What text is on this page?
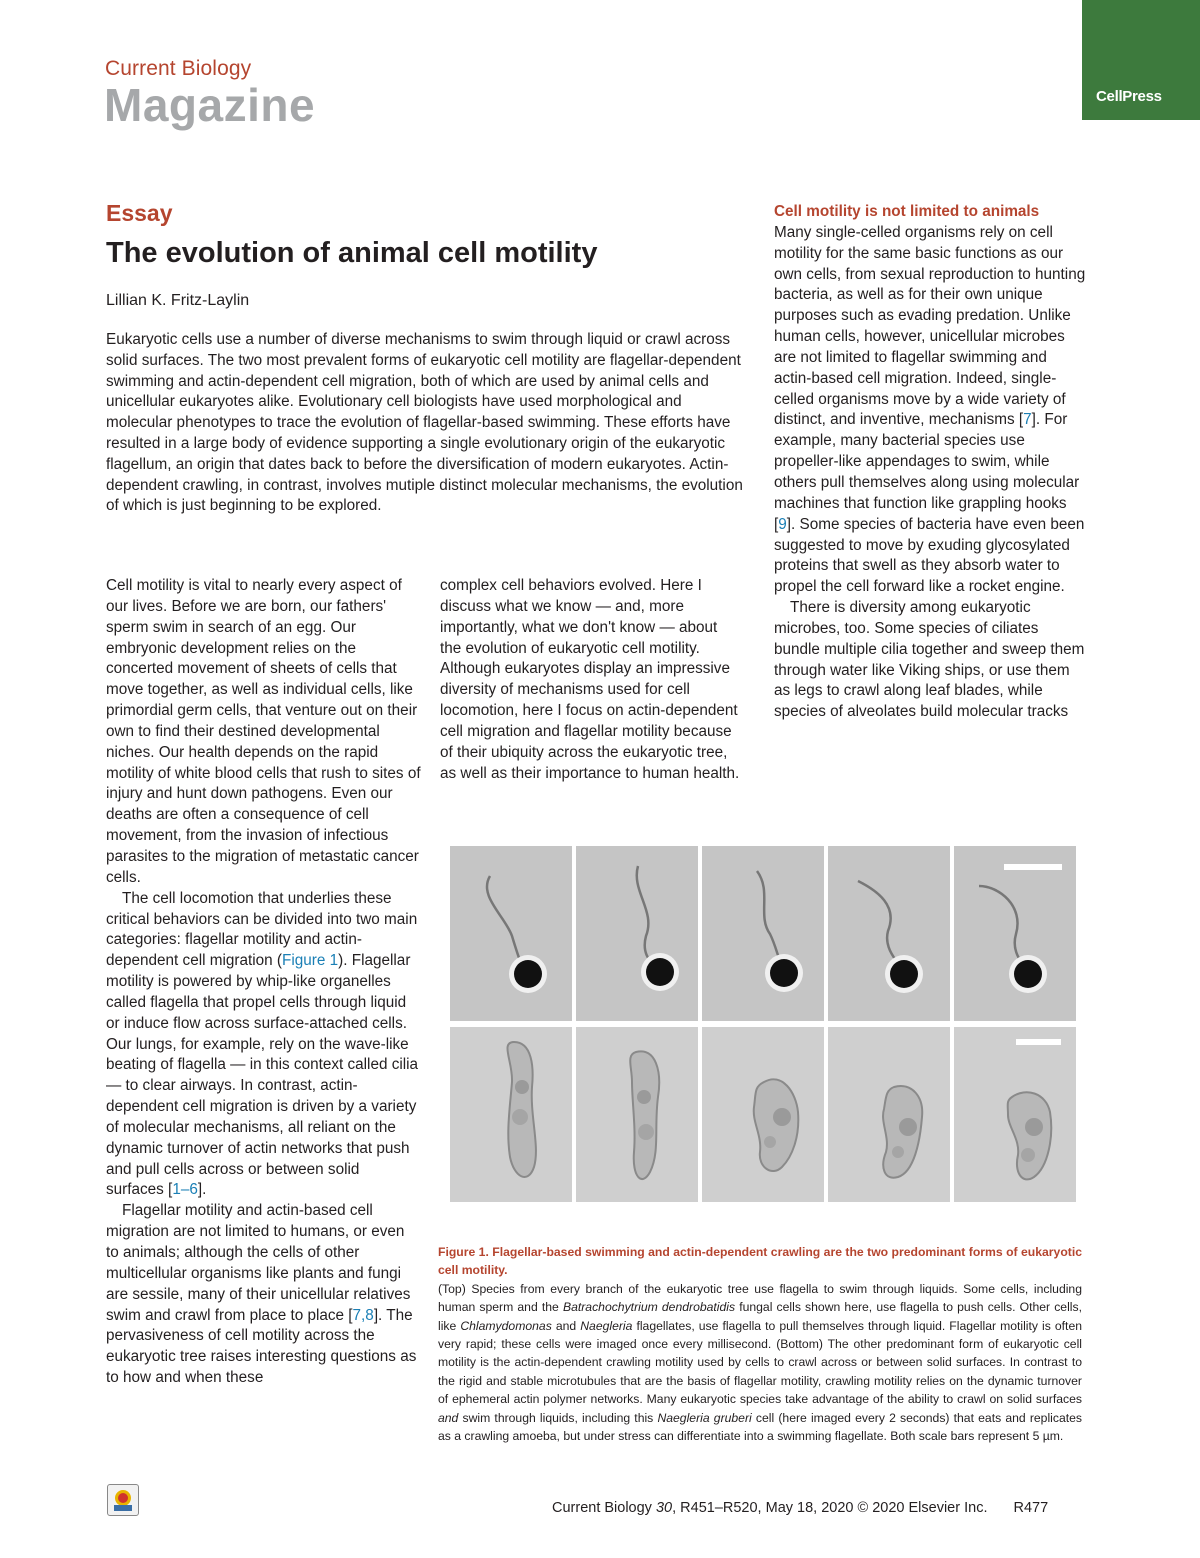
Current Biology
Magazine	CellPress
Essay
The evolution of animal cell motility
Lillian K. Fritz-Laylin
Eukaryotic cells use a number of diverse mechanisms to swim through liquid or crawl across solid surfaces. The two most prevalent forms of eukaryotic cell motility are flagellar-dependent swimming and actin-dependent cell migration, both of which are used by animal cells and unicellular eukaryotes alike. Evolutionary cell biologists have used morphological and molecular phenotypes to trace the evolution of flagellar-based swimming. These efforts have resulted in a large body of evidence supporting a single evolutionary origin of the eukaryotic flagellum, an origin that dates back to before the diversification of modern eukaryotes. Actin-dependent crawling, in contrast, involves mutiple distinct molecular mechanisms, the evolution of which is just beginning to be explored.

Cell motility is vital to nearly every aspect of our lives. Before we are born, our fathers' sperm swim in search of an egg. Our embryonic development relies on the concerted movement of sheets of cells that move together, as well as individual cells, like primordial germ cells, that venture out on their own to find their destined developmental niches. Our health depends on the rapid motility of white blood cells that rush to sites of injury and hunt down pathogens. Even our deaths are often a consequence of cell movement, from the invasion of infectious parasites to the migration of metastatic cancer cells.

The cell locomotion that underlies these critical behaviors can be divided into two main categories: flagellar motility and actin-dependent cell migration (Figure 1). Flagellar motility is powered by whip-like organelles called flagella that propel cells through liquid or induce flow across surface-attached cells. Our lungs, for example, rely on the wave-like beating of flagella — in this context called cilia — to clear airways. In contrast, actin-dependent cell migration is driven by a variety of molecular mechanisms, all reliant on the dynamic turnover of actin networks that push and pull cells across or between solid surfaces [1–6].

Flagellar motility and actin-based cell migration are not limited to humans, or even to animals; although the cells of other multicellular organisms like plants and fungi are sessile, many of their unicellular relatives swim and crawl from place to place [7,8]. The pervasiveness of cell motility across the eukaryotic tree raises interesting questions as to how and when these

complex cell behaviors evolved. Here I discuss what we know — and, more importantly, what we don't know — about the evolution of eukaryotic cell motility. Although eukaryotes display an impressive diversity of mechanisms used for cell locomotion, here I focus on actin-dependent cell migration and flagellar motility because of their ubiquity across the eukaryotic tree, as well as their importance to human health.

Cell motility is not limited to animals

Many single-celled organisms rely on cell motility for the same basic functions as our own cells, from sexual reproduction to hunting bacteria, as well as for their own unique purposes such as evading predation. Unlike human cells, however, unicellular microbes are not limited to flagellar swimming and actin-based cell migration. Indeed, single-celled organisms move by a wide variety of distinct, and inventive, mechanisms [7]. For example, many bacterial species use propeller-like appendages to swim, while others pull themselves along using molecular machines that function like grappling hooks [9]. Some species of bacteria have even been suggested to move by exuding glycosylated proteins that swell as they absorb water to propel the cell forward like a rocket engine.

There is diversity among eukaryotic microbes, too. Some species of ciliates bundle multiple cilia together and sweep them through water like Viking ships, or use them as legs to crawl along leaf blades, while species of alveolates build molecular tracks

Figure 1. Flagellar-based swimming and actin-dependent crawling are the two predominant forms of eukaryotic cell motility.
(Top) Species from every branch of the eukaryotic tree use flagella to swim through liquids. Some cells, including human sperm and the Batrachochytrium dendrobatidis fungal cells shown here, use flagella to push cells. Other cells, like Chlamydomonas and Naegleria flagellates, use flagella to pull themselves through liquid. Flagellar motility is often very rapid; these cells were imaged once every millisecond. (Bottom) The other predominant form of eukaryotic cell motility is the actin-dependent crawling motility used by cells to crawl across or between solid surfaces. In contrast to the rigid and stable microtubules that are the basis of flagellar motility, crawling motility relies on the dynamic turnover of ephemeral actin polymer networks. Many eukaryotic species take advantage of the ability to crawl on solid surfaces and swim through liquids, including this Naegleria gruberi cell (here imaged every 2 seconds) that eats and replicates as a crawling amoeba, but under stress can differentiate into a swimming flagellate. Both scale bars represent 5 µm.
Current Biology 30, R451–R520, May 18, 2020 © 2020 Elsevier Inc. R477
